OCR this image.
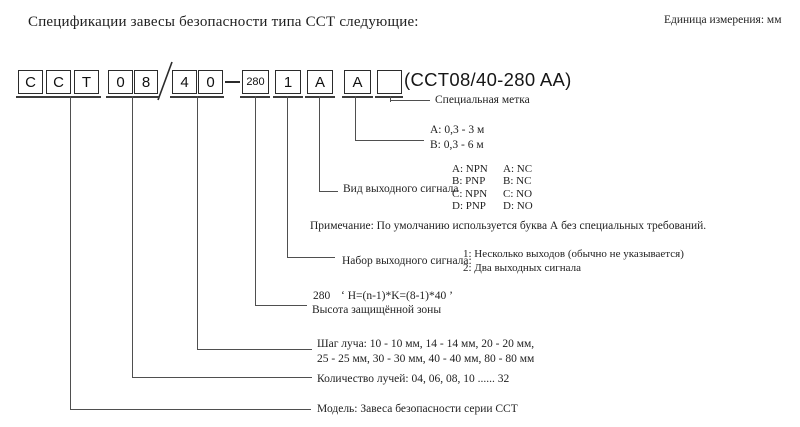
Спецификации завесы безопасности типа ССТ следующие:	Единица измерения: мм
C	C	T	0	8	4	0	280	1	A	A	(CCT08/40-280 AA)
Специальная метка
A: 0,3 - 3 м
B: 0,3 - 6 м
Вид выходного сигнала
A: NPN	A: NC
B: PNP	B: NC
C: NPN	C: NO
D: PNP	D: NO
Примечание: По умолчанию используется буква А без специальных требований.
Набор выходного сигнала:
1: Несколько выходов (обычно не указывается)
2: Два выходных сигнала
280 ‘ H=(n-1)*K=(8-1)*40 ’
Высота защищённой зоны
Шаг луча: 10 - 10 мм, 14 - 14 мм, 20 - 20 мм,
25 - 25 мм, 30 - 30 мм, 40 - 40 мм, 80 - 80 мм
Количество лучей: 04, 06, 08, 10 ...... 32
Модель: Завеса безопасности серии ССТ
